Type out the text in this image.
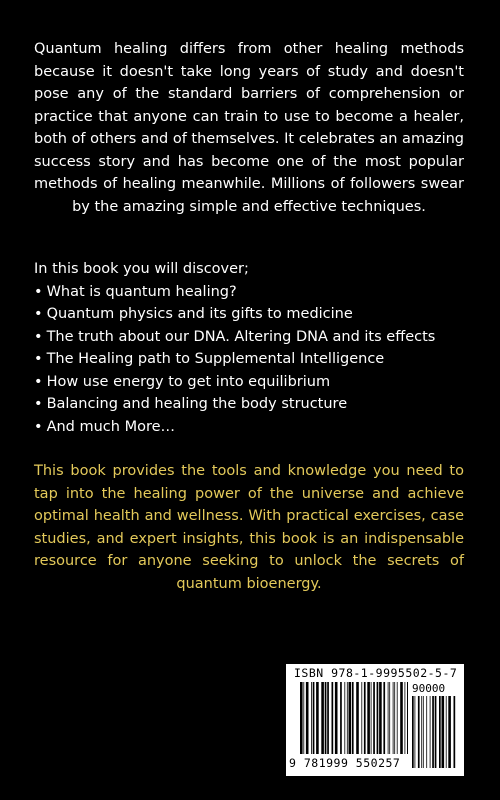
Quantum healing differs from other healing methods because it doesn't take long years of study and doesn't pose any of the standard barriers of comprehension or practice that anyone can train to use to become a healer, both of others and of themselves. It celebrates an amazing success story and has become one of the most popular methods of healing meanwhile. Millions of followers swear by the amazing simple and effective techniques.

In this book you will discover;
• What is quantum healing?
• Quantum physics and its gifts to medicine
• The truth about our DNA. Altering DNA and its effects
• The Healing path to Supplemental Intelligence
• How use energy to get into equilibrium
• Balancing and healing the body structure
• And much More…

This book provides the tools and knowledge you need to tap into the healing power of the universe and achieve optimal health and wellness. With practical exercises, case studies, and expert insights, this book is an indispensable resource for anyone seeking to unlock the secrets of quantum bioenergy.

ISBN 978-1-9995502-5-7
90000
9 781999 550257
